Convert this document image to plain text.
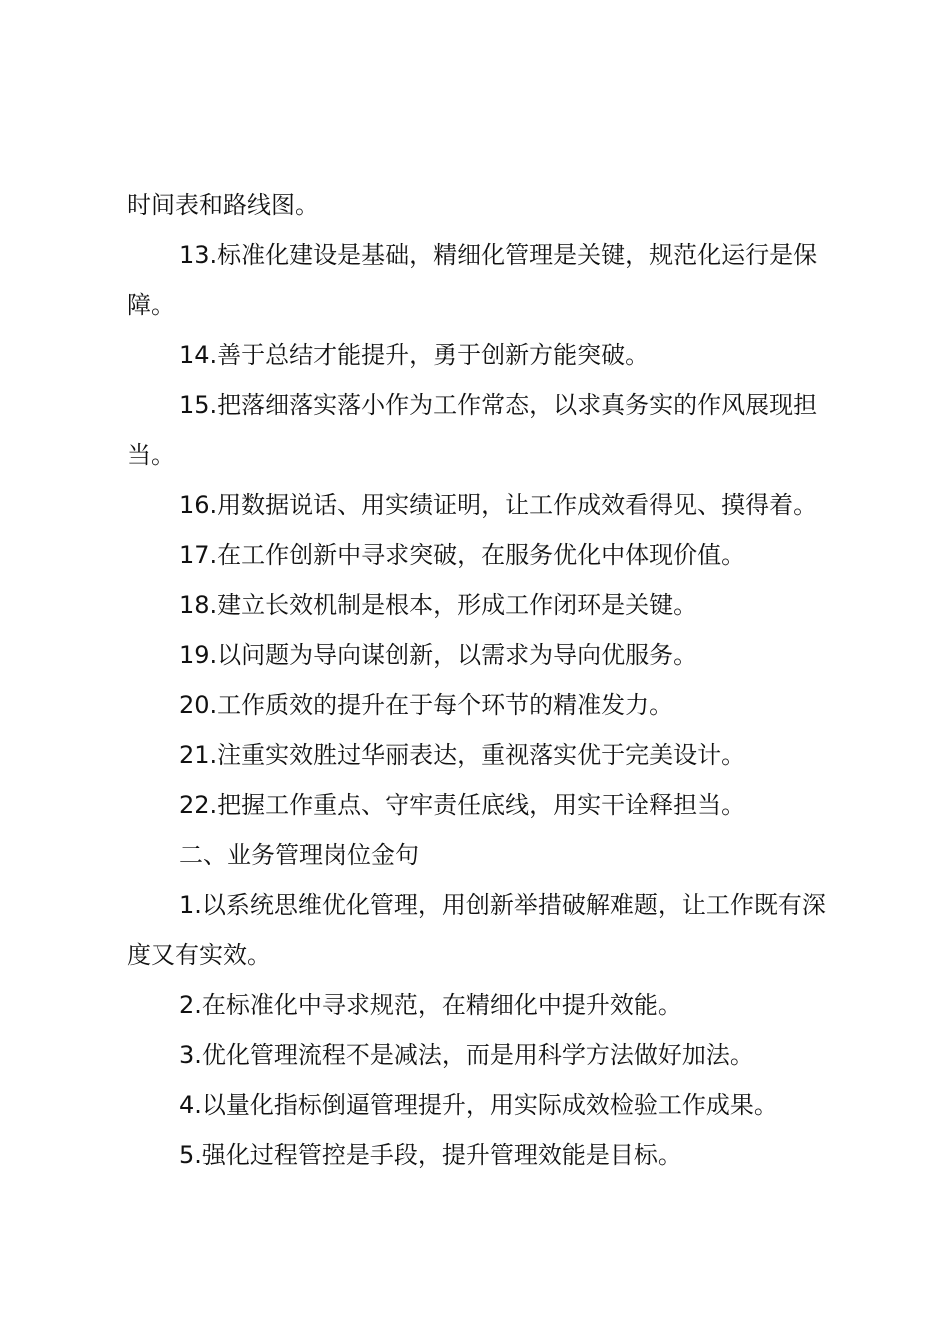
时间表和路线图。

13.标准化建设是基础，精细化管理是关键，规范化运行是保障。

14.善于总结才能提升，勇于创新方能突破。

15.把落细落实落小作为工作常态，以求真务实的作风展现担当。

16.用数据说话、用实绩证明，让工作成效看得见、摸得着。

17.在工作创新中寻求突破，在服务优化中体现价值。

18.建立长效机制是根本，形成工作闭环是关键。

19.以问题为导向谋创新，以需求为导向优服务。

20.工作质效的提升在于每个环节的精准发力。

21.注重实效胜过华丽表达，重视落实优于完美设计。

22.把握工作重点、守牢责任底线，用实干诠释担当。

二、业务管理岗位金句

1.以系统思维优化管理，用创新举措破解难题，让工作既有深度又有实效。

2.在标准化中寻求规范，在精细化中提升效能。

3.优化管理流程不是减法，而是用科学方法做好加法。

4.以量化指标倒逼管理提升，用实际成效检验工作成果。

5.强化过程管控是手段，提升管理效能是目标。
